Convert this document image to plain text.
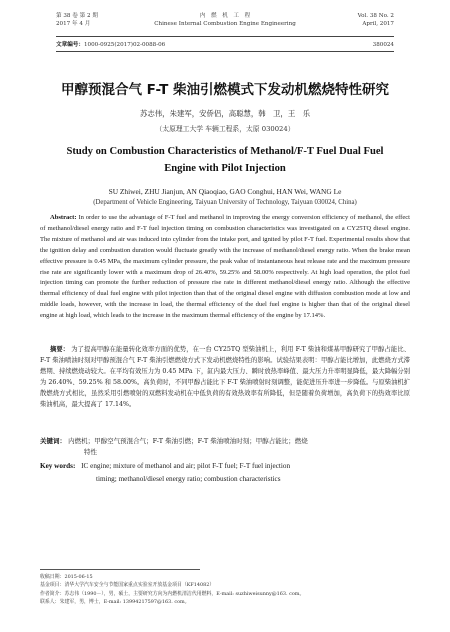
第 38 卷 第 2 期
2017 年 4 月
内　燃　机　工　程
Chinese Internal Combustion Engine Engineering
Vol. 38 No. 2
April, 2017
文章编号：1000-0925(2017)02-0088-06	380024
甲醇预混合气 F-T 柴油引燃模式下发动机燃烧特性研究
苏志伟，朱建军，安侨侣，高聪慧，韩　卫，王　乐
（太原理工大学 车辆工程系，太原 030024）
Study on Combustion Characteristics of Methanol/F-T Fuel Dual Fuel
Engine with Pilot Injection
SU Zhiwei, ZHU Jianjun, AN Qiaoqiao, GAO Conghui, HAN Wei, WANG Le
(Department of Vehicle Engineering, Taiyuan University of Technology, Taiyuan 030024, China)
Abstract: In order to use the advantage of F-T fuel and methanol in improving the energy conversion efficiency of methanol, the effect of methanol/diesel energy ratio and F-T fuel injection timing on combustion characteristics was investigated on a CY25TQ diesel engine. The mixture of methanol and air was induced into cylinder from the intake port, and ignited by pilot F-T fuel. Experimental results show that the ignition delay and combustion duration would fluctuate greatly with the increase of methanol/diesel energy ratio. When the brake mean effective pressure is 0.45 MPa, the maximum cylinder pressure, the peak value of instantaneous heat release rate and the maximum pressure rise rate are significantly lower with a maximum drop of 26.40%, 59.25% and 58.00% respectively. At high load operation, the pilot fuel injection timing can promote the further reduction of pressure rise rate in different methanol/diesel energy ratio. Although the effective thermal efficiency of dual fuel engine with pilot injection than that of the original diesel engine with diffusion combustion mode at low and middle loads, however, with the increase in load, the thermal efficiency of the duel fuel engine is higher than that of the original diesel engine at high load, which leads to the increase in the maximum thermal efficiency of the engine by 17.14%.
摘要： 为了提高甲醇在能量转化效率方面的优势，在一台 CY25TQ 型柴油机上，利用 F-T 柴油和煤基甲醇研究了甲醇占能比、F-T 柴油喷油时刻对甲醇预混合气 F-T 柴油引燃燃烧方式下发动机燃烧特性的影响。试验结果表明：甲醇占能比增加，此燃烧方式滞燃期、持续燃烧动较大。在平均有效压力为 0.45 MPa 下，缸内最大压力、瞬时放热率峰值、最大压力升率明显降低，最大降幅分别为 26.40%、59.25% 和 58.00%。高负荷时，不同甲醇占能比下 F-T 柴油喷射时刻调整，能促进压升率进一步降低。与原柴油机扩散燃烧方式相比，虽然采用引燃喷射的双燃料发动机在中低负荷的有效热效率有所降低，但是随着负荷增加，高负荷下的热效率比原柴油机高，最大提高了 17.14%。
关键词： 内燃机；甲醇空气预混合气；F-T 柴油引燃；F-T 柴油喷油时刻；甲醇占能比；燃烧
特性
Key words: IC engine; mixture of methanol and air; pilot F-T fuel; F-T fuel injection
timing; methanol/diesel energy ratio; combustion characteristics
收稿日期：2015-06-15
基金项目：清华大学汽车安全与节能国家重点实验室开放基金项目（KF14082）
作者简介：苏志伟（1990－），男，硕士，主要研究方向为内燃机清洁代用燃料，E-mail: suzhiweisunny@163. com。
联系人：朱建军，男，博士，E-mail: 13994217597@163. com。
